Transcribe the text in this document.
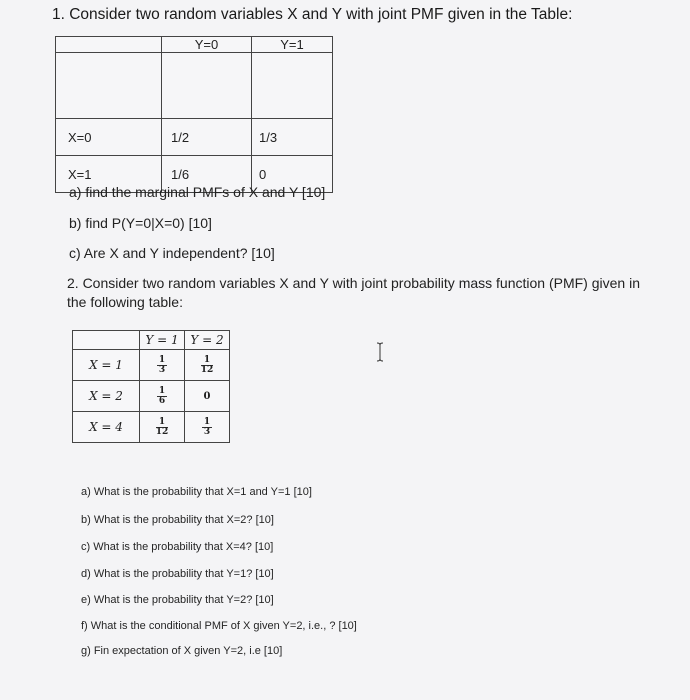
1. Consider two random variables X and Y with joint PMF given in the Table:
	Y=0	Y=1

X=0	1/2	1/3
X=1	1/6	0
a) find the marginal PMFs of X and Y [10]
b) find P(Y=0|X=0) [10]
c) Are X and Y independent? [10]
2. Consider two random variables X and Y with joint probability mass function (PMF) given in
the following table:
	Y = 1	Y = 2
X = 1	$\frac{1}{3}$	$\frac{1}{12}$

X = 2	$\frac{1}{6}$	0
X = 4	$\frac{1}{12}$	$\frac{1}{3}$
a) What is the probability that X=1 and Y=1 [10]
b) What is the probability that X=2? [10]
c) What is the probability that X=4? [10]
d) What is the probability that Y=1? [10]
e) What is the probability that Y=2? [10]
f) What is the conditional PMF of X given Y=2, i.e., ? [10]
g) Fin expectation of X given Y=2, i.e [10]
